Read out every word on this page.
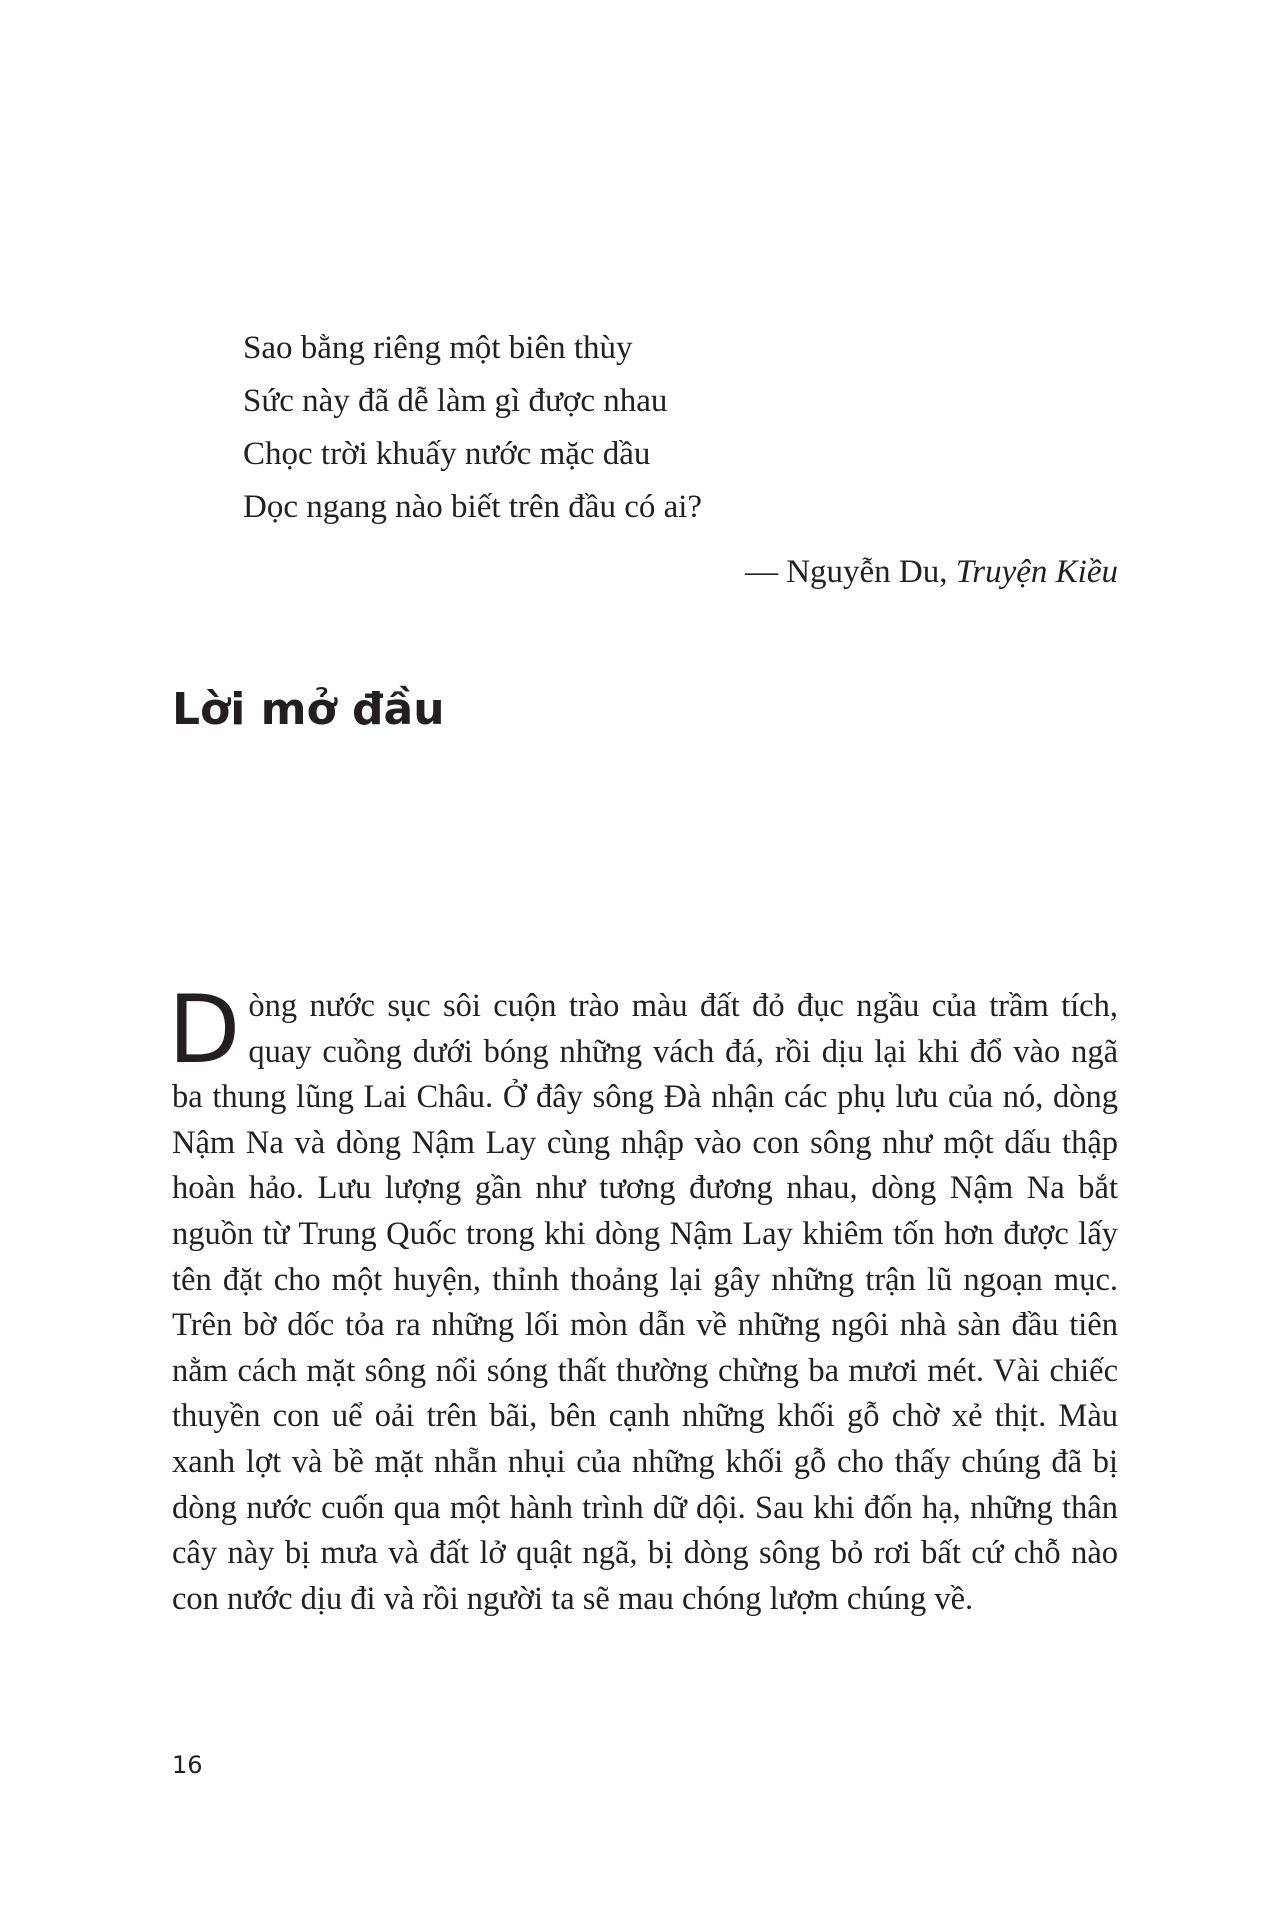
Sao bằng riêng một biên thùy
Sức này đã dễ làm gì được nhau
Chọc trời khuấy nước mặc dầu
Dọc ngang nào biết trên đầu có ai?
— Nguyễn Du, Truyện Kiều
Lời mở đầu

Dòng nước sục sôi cuộn trào màu đất đỏ đục ngầu của trầm tích, quay cuồng dưới bóng những vách đá, rồi dịu lại khi đổ vào ngã ba thung lũng Lai Châu. Ở đây sông Đà nhận các phụ lưu của nó, dòng Nậm Na và dòng Nậm Lay cùng nhập vào con sông như một dấu thập hoàn hảo. Lưu lượng gần như tương đương nhau, dòng Nậm Na bắt nguồn từ Trung Quốc trong khi dòng Nậm Lay khiêm tốn hơn được lấy tên đặt cho một huyện, thỉnh thoảng lại gây những trận lũ ngoạn mục. Trên bờ dốc tỏa ra những lối mòn dẫn về những ngôi nhà sàn đầu tiên nằm cách mặt sông nổi sóng thất thường chừng ba mươi mét. Vài chiếc thuyền con uể oải trên bãi, bên cạnh những khối gỗ chờ xẻ thịt. Màu xanh lợt và bề mặt nhẵn nhụi của những khối gỗ cho thấy chúng đã bị dòng nước cuốn qua một hành trình dữ dội. Sau khi đốn hạ, những thân cây này bị mưa và đất lở quật ngã, bị dòng sông bỏ rơi bất cứ chỗ nào con nước dịu đi và rồi người ta sẽ mau chóng lượm chúng về.

16
